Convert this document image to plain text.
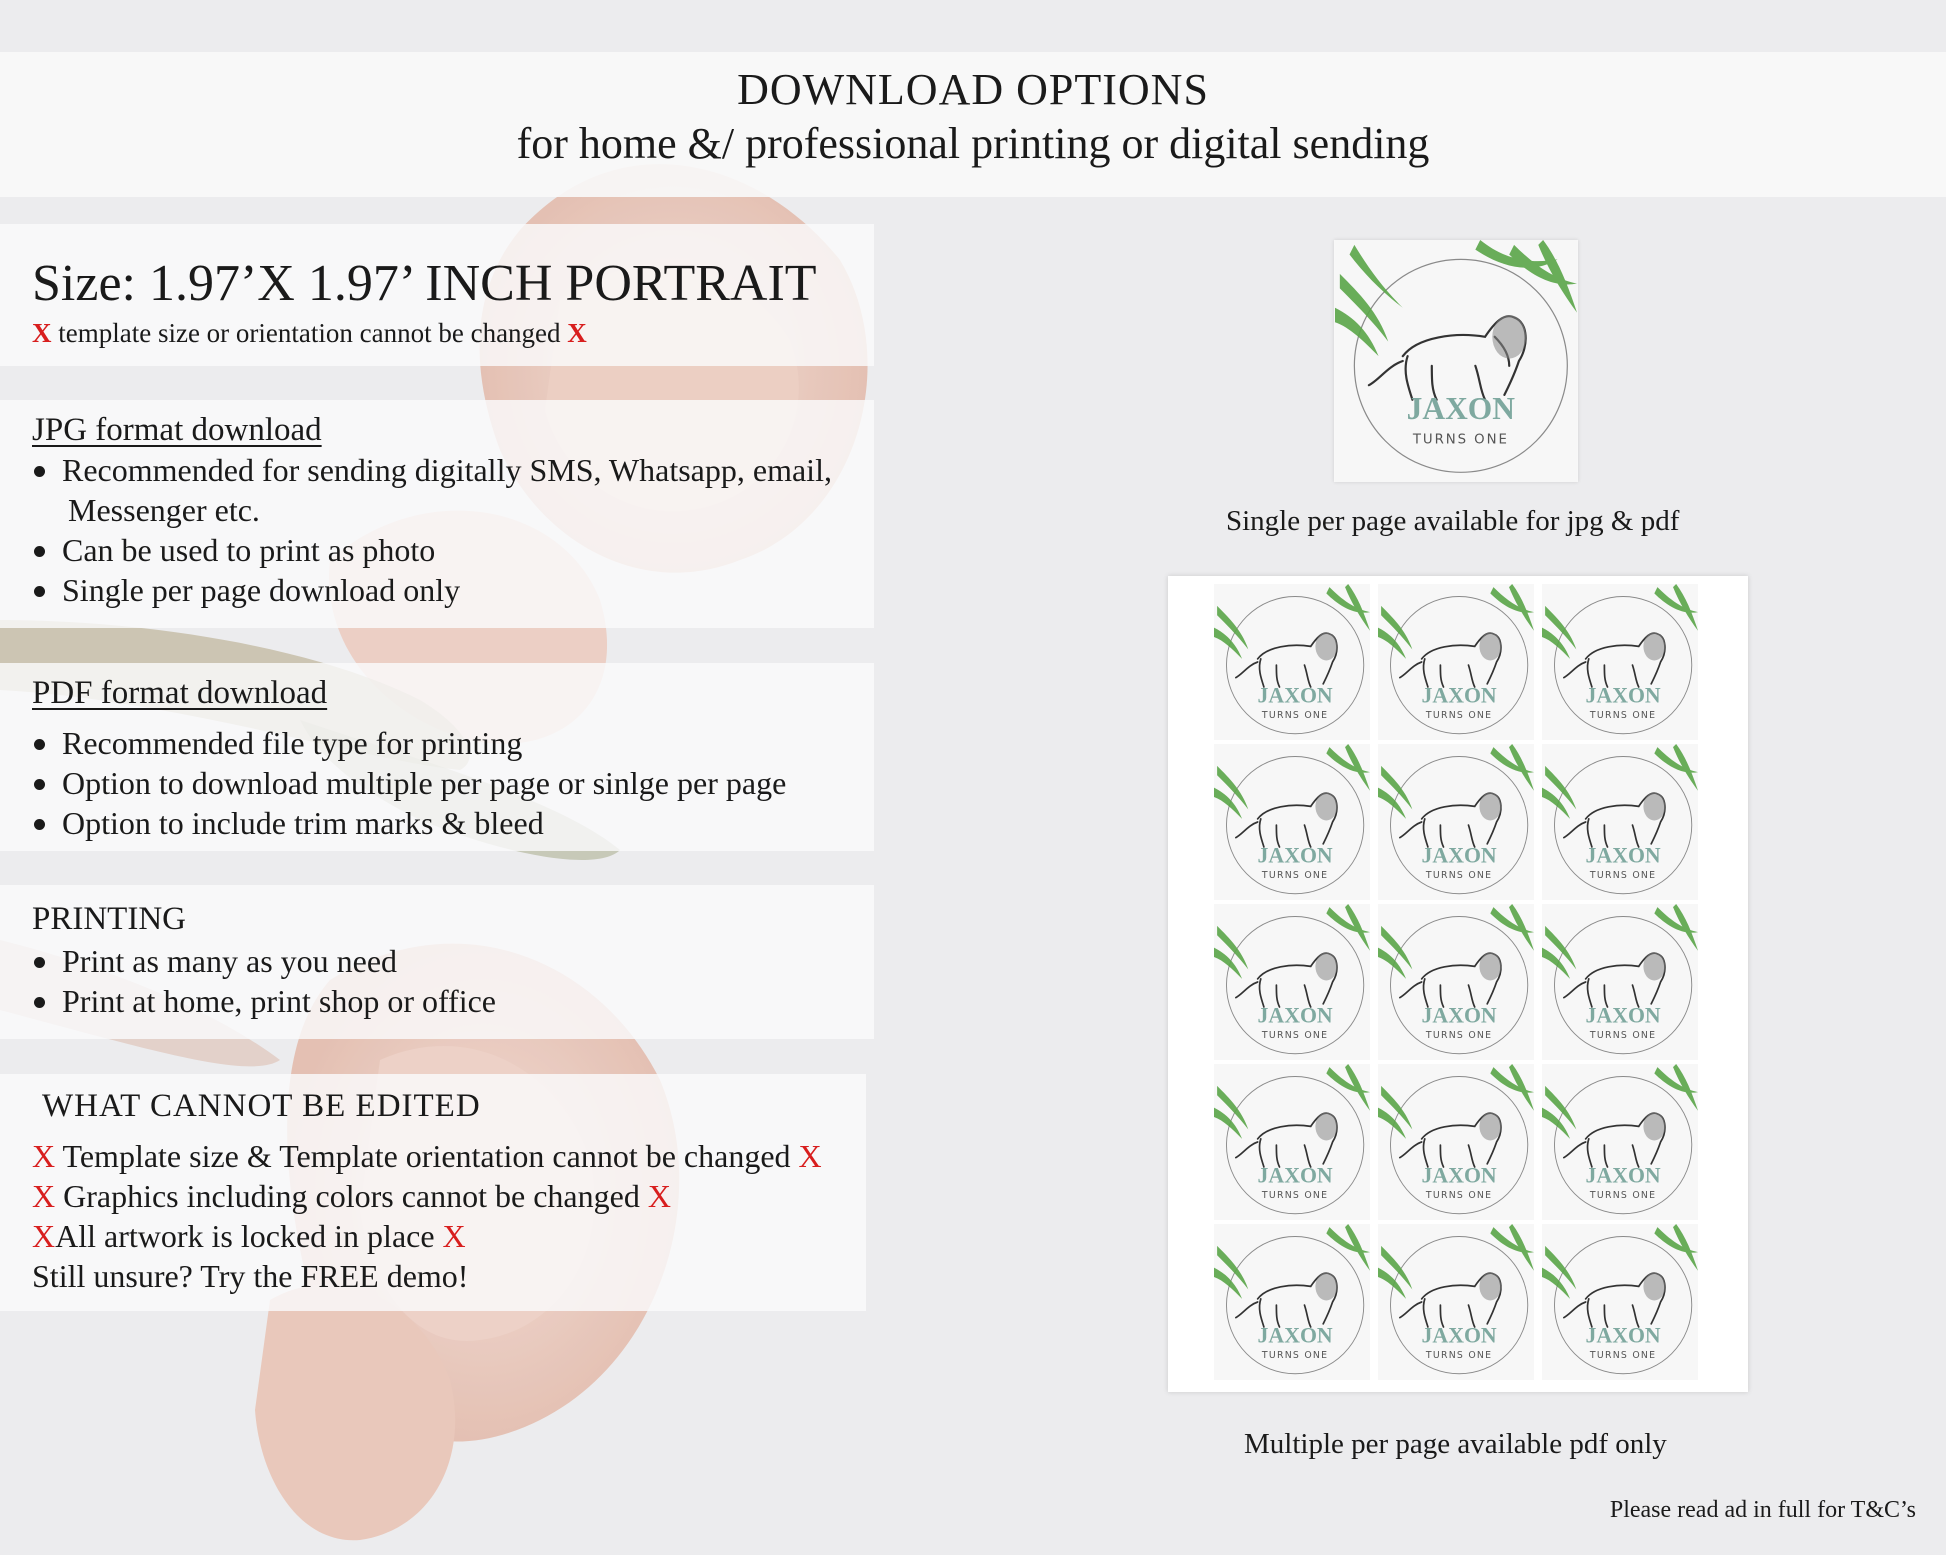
DOWNLOAD OPTIONS
for home &/ professional printing or digital sending
Size: 1.97’X 1.97’ INCH PORTRAIT
X template size or orientation cannot be changed X
JPG format download
Recommended for sending digitally SMS, Whatsapp, email,
Messenger etc.
Can be used to print as photo
Single per page download only
PDF format download
Recommended file type for printing
Option to download multiple per page or sinlge per page
Option to include trim marks & bleed
PRINTING
Print as many as you need
Print at home, print shop or office
WHAT CANNOT BE EDITED
X Template size & Template orientation cannot be changed X
X Graphics including colors cannot be changed X
XAll artwork is locked in place X
Still unsure? Try the FREE demo!
JAXON
TURNS ONE
Single per page available for jpg & pdf
JAXON
TURNS ONE
JAXON
TURNS ONE
JAXON
TURNS ONE
JAXON
TURNS ONE
JAXON
TURNS ONE
JAXON
TURNS ONE
JAXON
TURNS ONE
JAXON
TURNS ONE
JAXON
TURNS ONE
JAXON
TURNS ONE
JAXON
TURNS ONE
JAXON
TURNS ONE
JAXON
TURNS ONE
JAXON
TURNS ONE
JAXON
TURNS ONE
Multiple per page available pdf only
Please read ad in full for T&C’s
